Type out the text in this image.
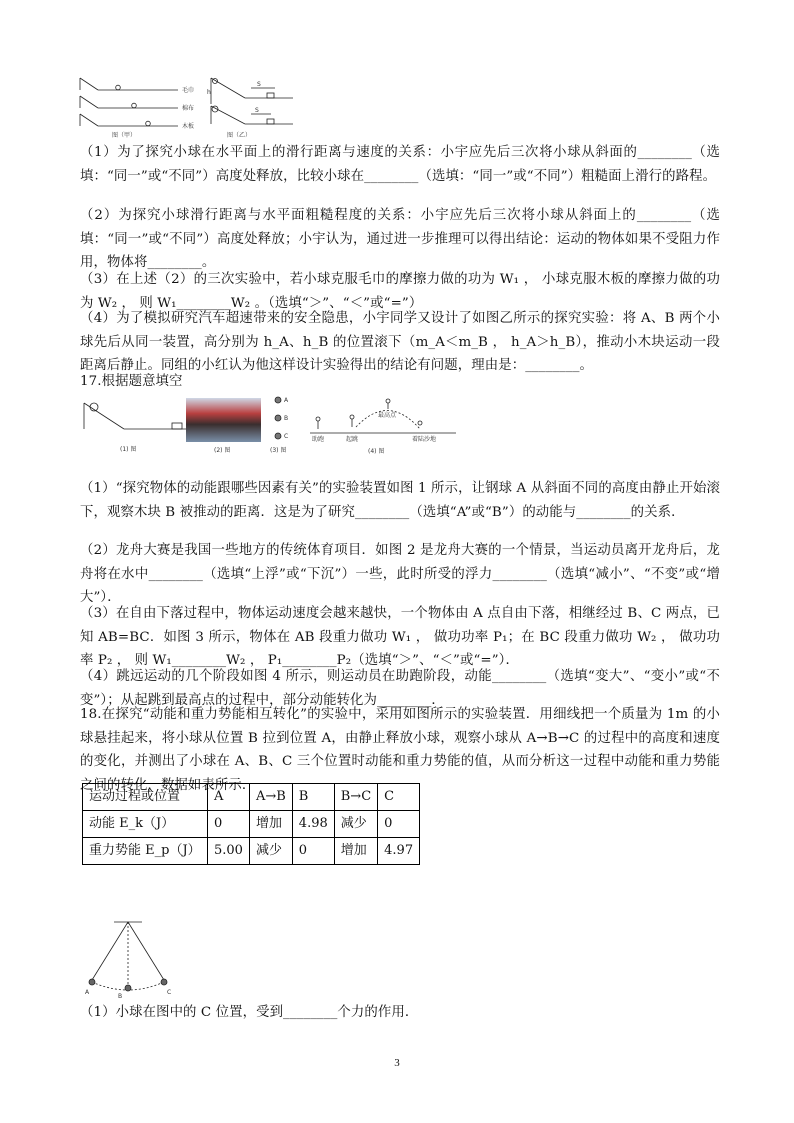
毛巾
棉布
木板
图（甲）
h
S
S
图（乙）

（1）为了探究小球在水平面上的滑行距离与速度的关系：小宇应先后三次将小球从斜面的________（选填：“同一”或“不同”）高度处释放，比较小球在________（选填：“同一”或“不同”）粗糙面上滑行的路程。

（2）为探究小球滑行距离与水平面粗糙程度的关系：小宇应先后三次将小球从斜面上的________（选填：“同一”或“不同”）高度处释放；小宇认为，通过进一步推理可以得出结论：运动的物体如果不受阻力作用，物体将________。

（3）在上述（2）的三次实验中，若小球克服毛巾的摩擦力做的功为 W₁ ， 小球克服木板的摩擦力做的功为 W₂ ， 则 W₁________W₂ 。（选填“＞”、“＜”或“=”）

（4）为了模拟研究汽车超速带来的安全隐患，小宇同学又设计了如图乙所示的探究实验：将 A、B 两个小球先后从同一装置，高分别为 h_A、h_B 的位置滚下（m_A＜m_B ， h_A＞h_B），推动小木块运动一段距离后静止。同组的小红认为他这样设计实验得出的结论有问题，理由是：________。

17.根据题意填空

(1) 图	(2) 图
A
B
C
(3) 图
助跑	起跳
最高点
着陆沙地
(4) 图

（1）“探究物体的动能跟哪些因素有关”的实验装置如图 1 所示，让钢球 A 从斜面不同的高度由静止开始滚下，观察木块 B 被推动的距离．这是为了研究________（选填“A”或“B”）的动能与________的关系．

（2）龙舟大赛是我国一些地方的传统体育项目．如图 2 是龙舟大赛的一个情景，当运动员离开龙舟后，龙舟将在水中________（选填“上浮”或“下沉”）一些，此时所受的浮力________（选填“减小”、“不变”或“增大”）．

（3）在自由下落过程中，物体运动速度会越来越快，一个物体由 A 点自由下落，相继经过 B、C 两点，已知 AB=BC．如图 3 所示，物体在 AB 段重力做功 W₁ ， 做功功率 P₁；在 BC 段重力做功 W₂ ， 做功功率 P₂ ， 则 W₁________W₂ ， P₁________P₂（选填“＞”、“＜”或“=”）．

（4）跳远运动的几个阶段如图 4 所示，则运动员在助跑阶段，动能________（选填“变大”、“变小”或“不变”）；从起跳到最高点的过程中，部分动能转化为________．

18.在探究“动能和重力势能相互转化”的实验中，采用如图所示的实验装置．用细线把一个质量为 1m 的小球悬挂起来，将小球从位置 B 拉到位置 A，由静止释放小球，观察小球从 A→B→C 的过程中的高度和速度的变化，并测出了小球在 A、B、C 三个位置时动能和重力势能的值，从而分析这一过程中动能和重力势能之间的转化，数据如表所示．

运动过程或位置	A	A→B	B	B→C	C
动能 E_k（J）	0	增加	4.98	减少	0
重力势能 E_p（J）	5.00	减少	0	增加	4.97
A
B
C

（1）小球在图中的 C 位置，受到________个力的作用．

3
